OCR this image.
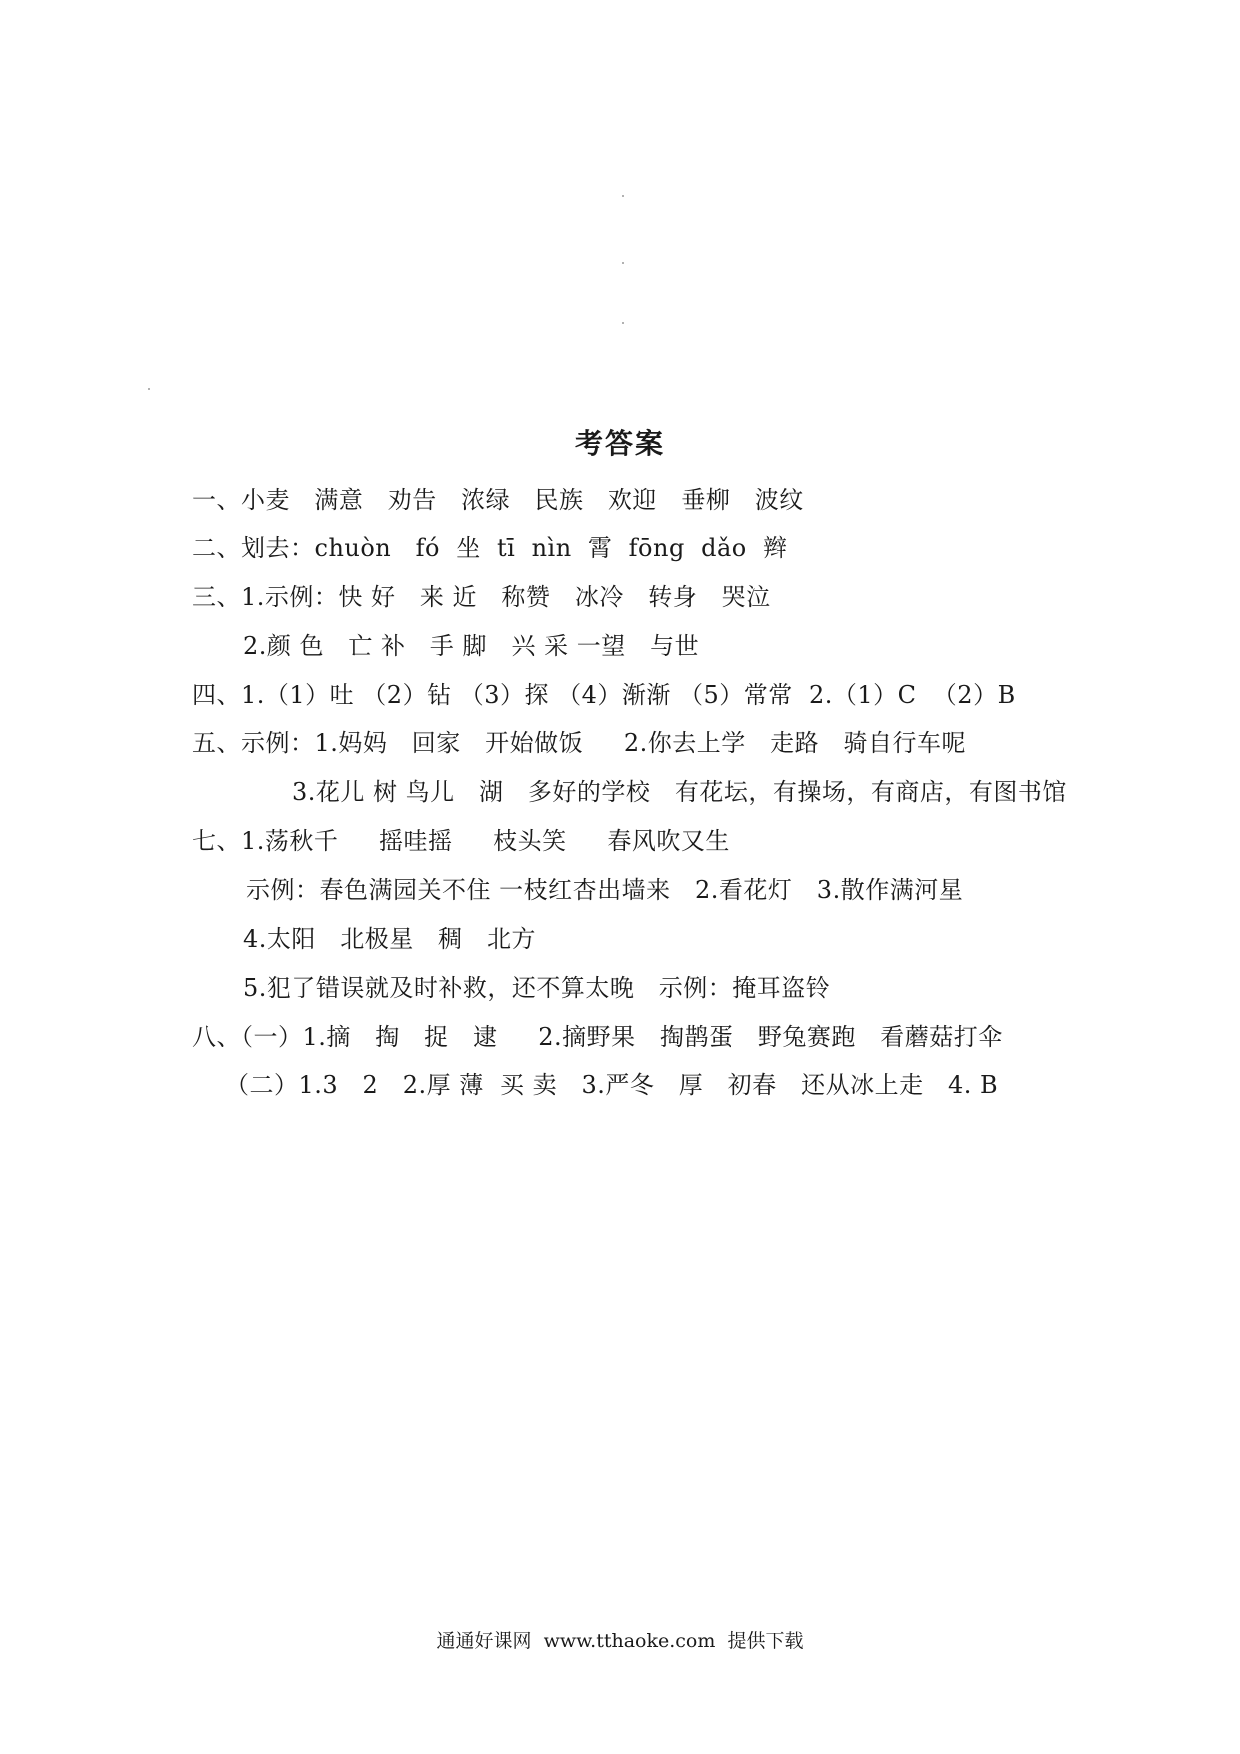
考答案
一、小麦   满意   劝告   浓绿   民族   欢迎   垂柳   波纹
二、划去：chuòn   fó  坐  tī  nìn  霄  fōng  dǎo  辫
三、1.示例：快 好   来 近   称赞   冰冷   转身   哭泣
2.颜 色   亡 补   手 脚   兴 采 一望   与世
四、1.（1）吐 （2）钻 （3）探 （4）渐渐 （5）常常  2.（1）C  （2）B
五、示例：1.妈妈   回家   开始做饭     2.你去上学   走路   骑自行车呢
3.花儿 树 鸟儿   湖   多好的学校   有花坛，有操场，有商店，有图书馆
七、1.荡秋千     摇哇摇     枝头笑     春风吹又生
示例：春色满园关不住 一枝红杏出墙来   2.看花灯   3.散作满河星
4.太阳   北极星   稠   北方
5.犯了错误就及时补救，还不算太晚   示例：掩耳盗铃
八、（一）1.摘   掏   捉   逮     2.摘野果   掏鹊蛋   野兔赛跑   看蘑菇打伞
（二）1.3   2   2.厚 薄  买 卖   3.严冬   厚   初春   还从冰上走   4. B
通通好课网  www.tthaoke.com  提供下载
